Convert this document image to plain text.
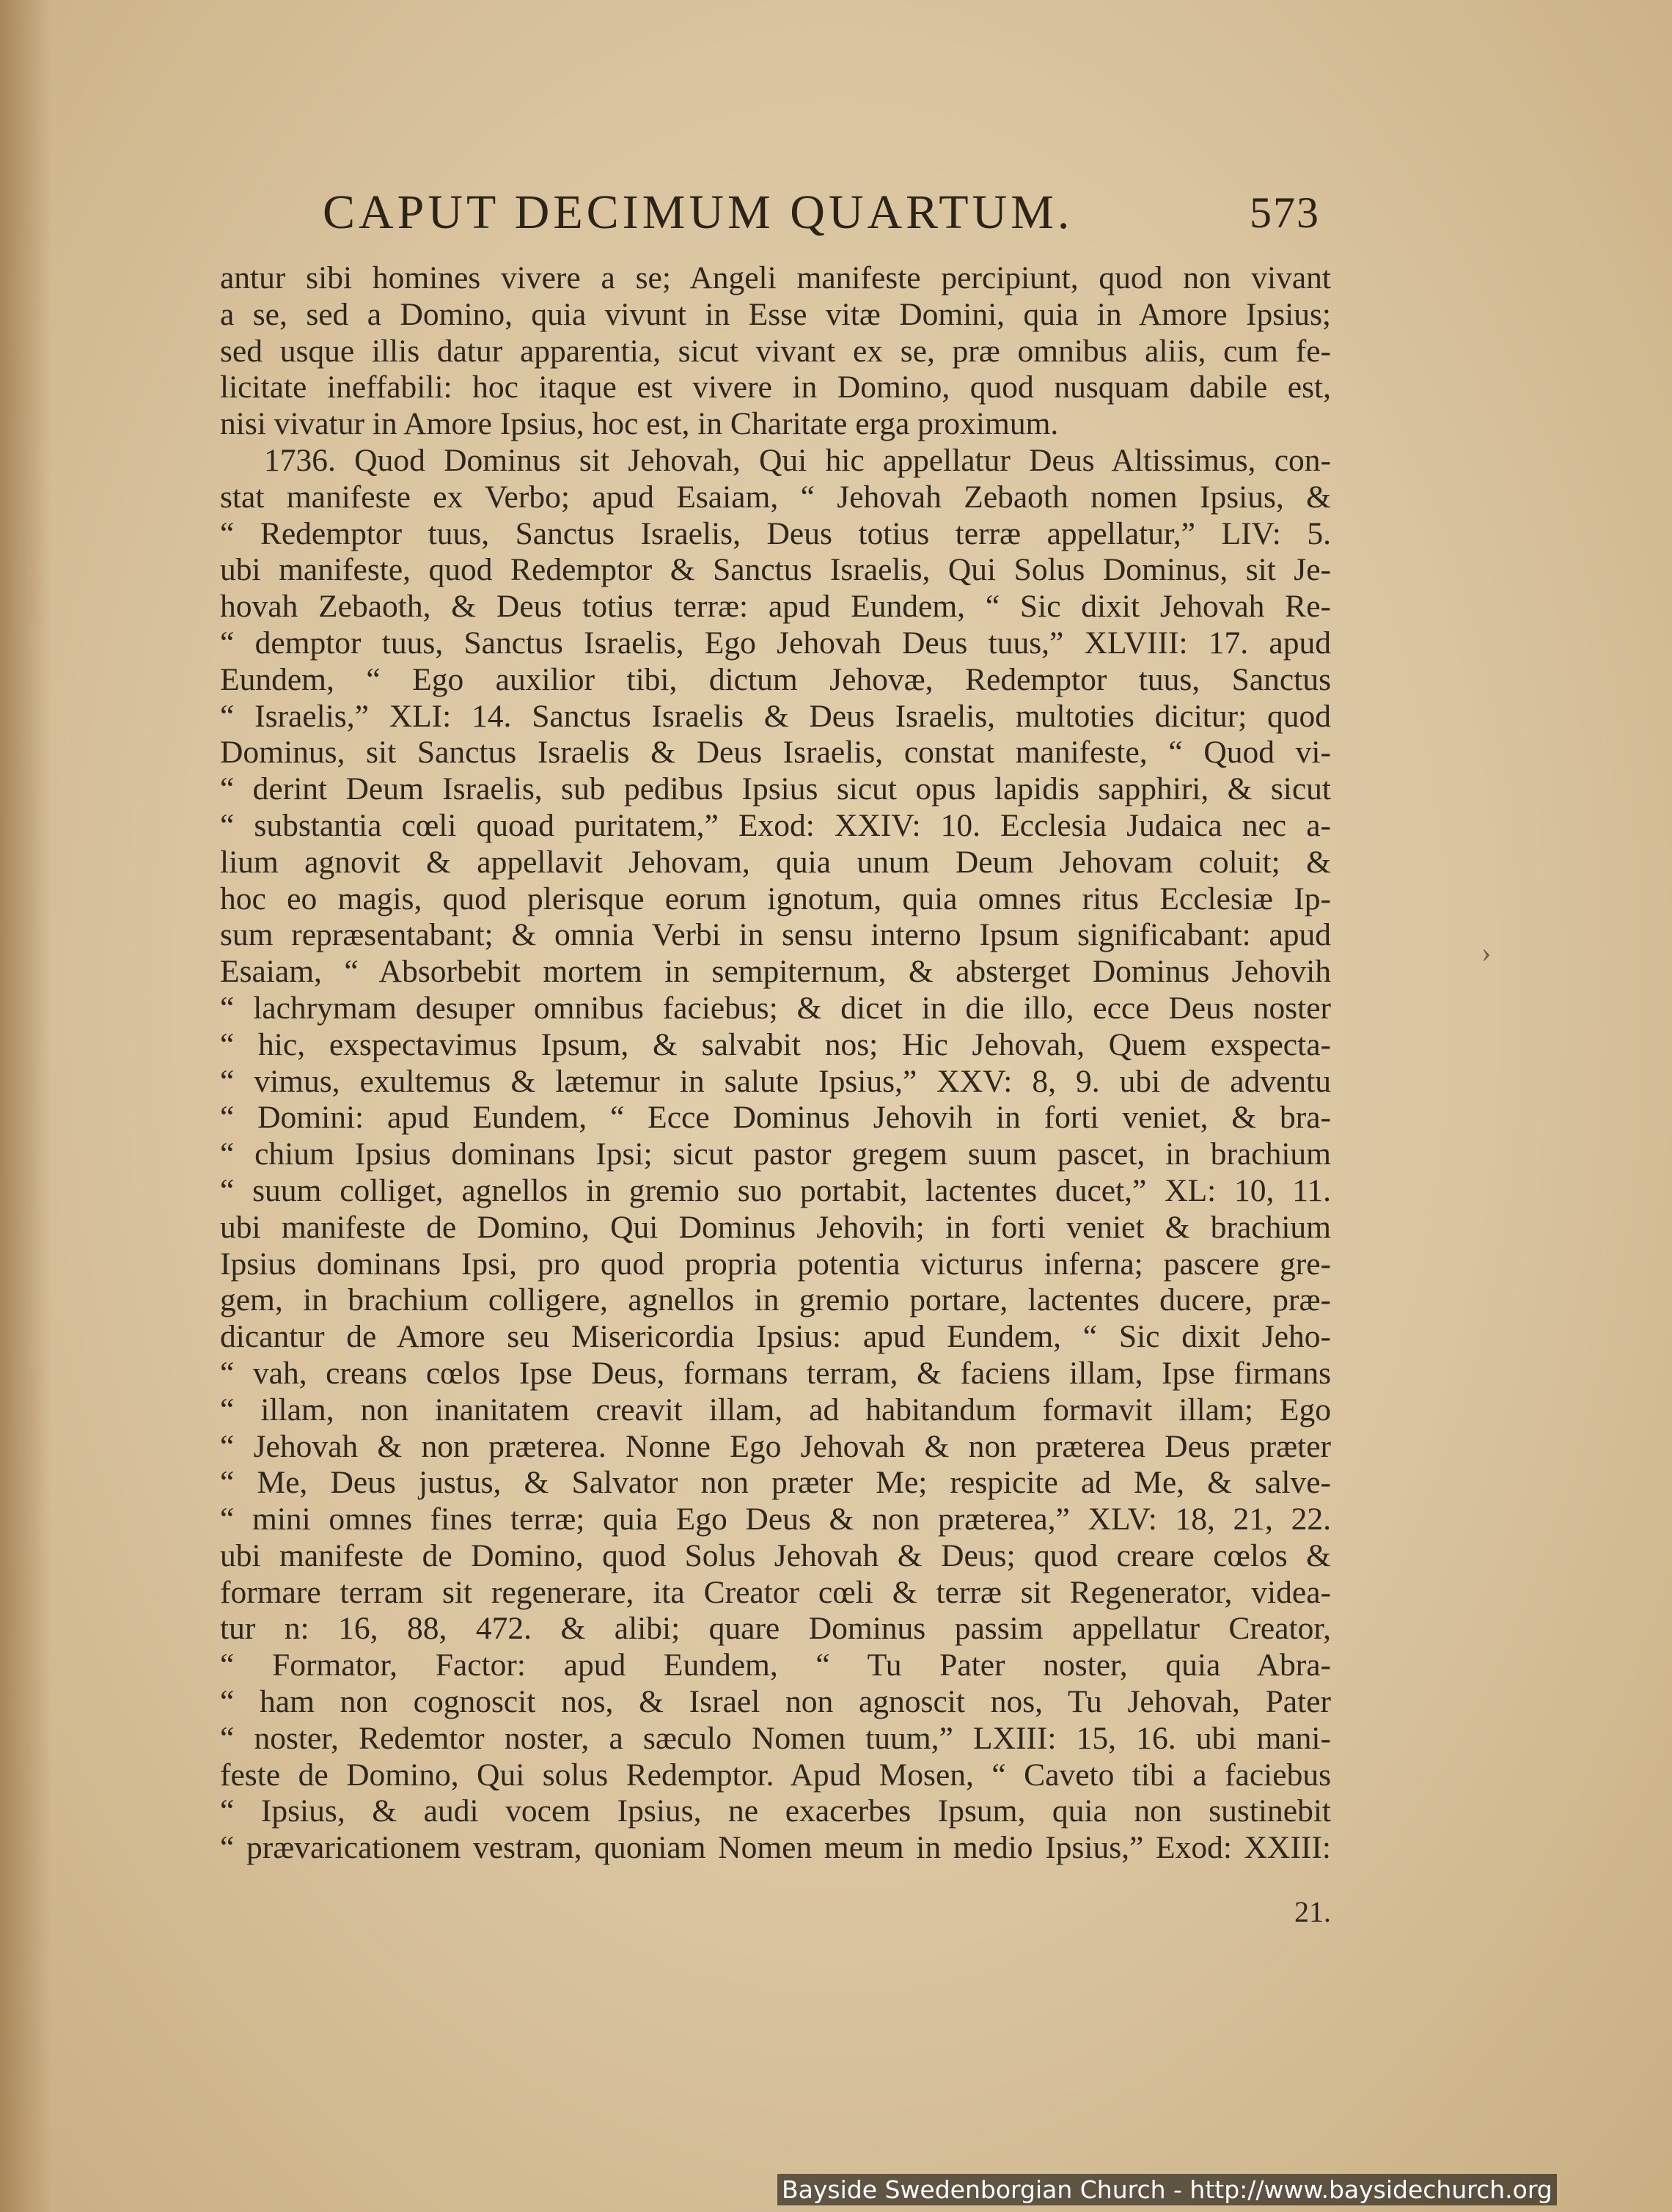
CAPUT DECIMUM QUARTUM.	573
antur sibi homines vivere a se; Angeli manifeste percipiunt, quod non vivant
a se, sed a Domino, quia vivunt in Esse vitæ Domini, quia in Amore Ipsius;
sed usque illis datur apparentia, sicut vivant ex se, præ omnibus aliis, cum fe-
licitate ineffabili: hoc itaque est vivere in Domino, quod nusquam dabile est,
nisi vivatur in Amore Ipsius, hoc est, in Charitate erga proximum.
1736. Quod Dominus sit Jehovah, Qui hic appellatur Deus Altissimus, con-
stat manifeste ex Verbo; apud Esaiam, “ Jehovah Zebaoth nomen Ipsius, &
“ Redemptor tuus, Sanctus Israelis, Deus totius terræ appellatur,” LIV: 5.
ubi manifeste, quod Redemptor & Sanctus Israelis, Qui Solus Dominus, sit Je-
hovah Zebaoth, & Deus totius terræ: apud Eundem, “ Sic dixit Jehovah Re-
“ demptor tuus, Sanctus Israelis, Ego Jehovah Deus tuus,” XLVIII: 17. apud
Eundem, “ Ego auxilior tibi, dictum Jehovæ, Redemptor tuus, Sanctus
“ Israelis,” XLI: 14. Sanctus Israelis & Deus Israelis, multoties dicitur; quod
Dominus, sit Sanctus Israelis & Deus Israelis, constat manifeste, “ Quod vi-
“ derint Deum Israelis, sub pedibus Ipsius sicut opus lapidis sapphiri, & sicut
“ substantia cœli quoad puritatem,” Exod: XXIV: 10. Ecclesia Judaica nec a-
lium agnovit & appellavit Jehovam, quia unum Deum Jehovam coluit; &
hoc eo magis, quod plerisque eorum ignotum, quia omnes ritus Ecclesiæ Ip-
sum repræsentabant; & omnia Verbi in sensu interno Ipsum significabant: apud
Esaiam, “ Absorbebit mortem in sempiternum, & absterget Dominus Jehovih
“ lachrymam desuper omnibus faciebus; & dicet in die illo, ecce Deus noster
“ hic, exspectavimus Ipsum, & salvabit nos; Hic Jehovah, Quem exspecta-
“ vimus, exultemus & lætemur in salute Ipsius,” XXV: 8, 9. ubi de adventu
“ Domini: apud Eundem, “ Ecce Dominus Jehovih in forti veniet, & bra-
“ chium Ipsius dominans Ipsi; sicut pastor gregem suum pascet, in brachium
“ suum colliget, agnellos in gremio suo portabit, lactentes ducet,” XL: 10, 11.
ubi manifeste de Domino, Qui Dominus Jehovih; in forti veniet & brachium
Ipsius dominans Ipsi, pro quod propria potentia victurus inferna; pascere gre-
gem, in brachium colligere, agnellos in gremio portare, lactentes ducere, præ-
dicantur de Amore seu Misericordia Ipsius: apud Eundem, “ Sic dixit Jeho-
“ vah, creans cœlos Ipse Deus, formans terram, & faciens illam, Ipse firmans
“ illam, non inanitatem creavit illam, ad habitandum formavit illam; Ego
“ Jehovah & non præterea. Nonne Ego Jehovah & non præterea Deus præter
“ Me, Deus justus, & Salvator non præter Me; respicite ad Me, & salve-
“ mini omnes fines terræ; quia Ego Deus & non præterea,” XLV: 18, 21, 22.
ubi manifeste de Domino, quod Solus Jehovah & Deus; quod creare cœlos &
formare terram sit regenerare, ita Creator cœli & terræ sit Regenerator, videa-
tur n: 16, 88, 472. & alibi; quare Dominus passim appellatur Creator,
“ Formator, Factor: apud Eundem, “ Tu Pater noster, quia Abra-
“ ham non cognoscit nos, & Israel non agnoscit nos, Tu Jehovah, Pater
“ noster, Redemtor noster, a sæculo Nomen tuum,” LXIII: 15, 16. ubi mani-
feste de Domino, Qui solus Redemptor. Apud Mosen, “ Caveto tibi a faciebus
“ Ipsius, & audi vocem Ipsius, ne exacerbes Ipsum, quia non sustinebit
“ prævaricationem vestram, quoniam Nomen meum in medio Ipsius,” Exod: XXIII:
›
21.
Bayside Swedenborgian Church - http://www.baysidechurch.org
